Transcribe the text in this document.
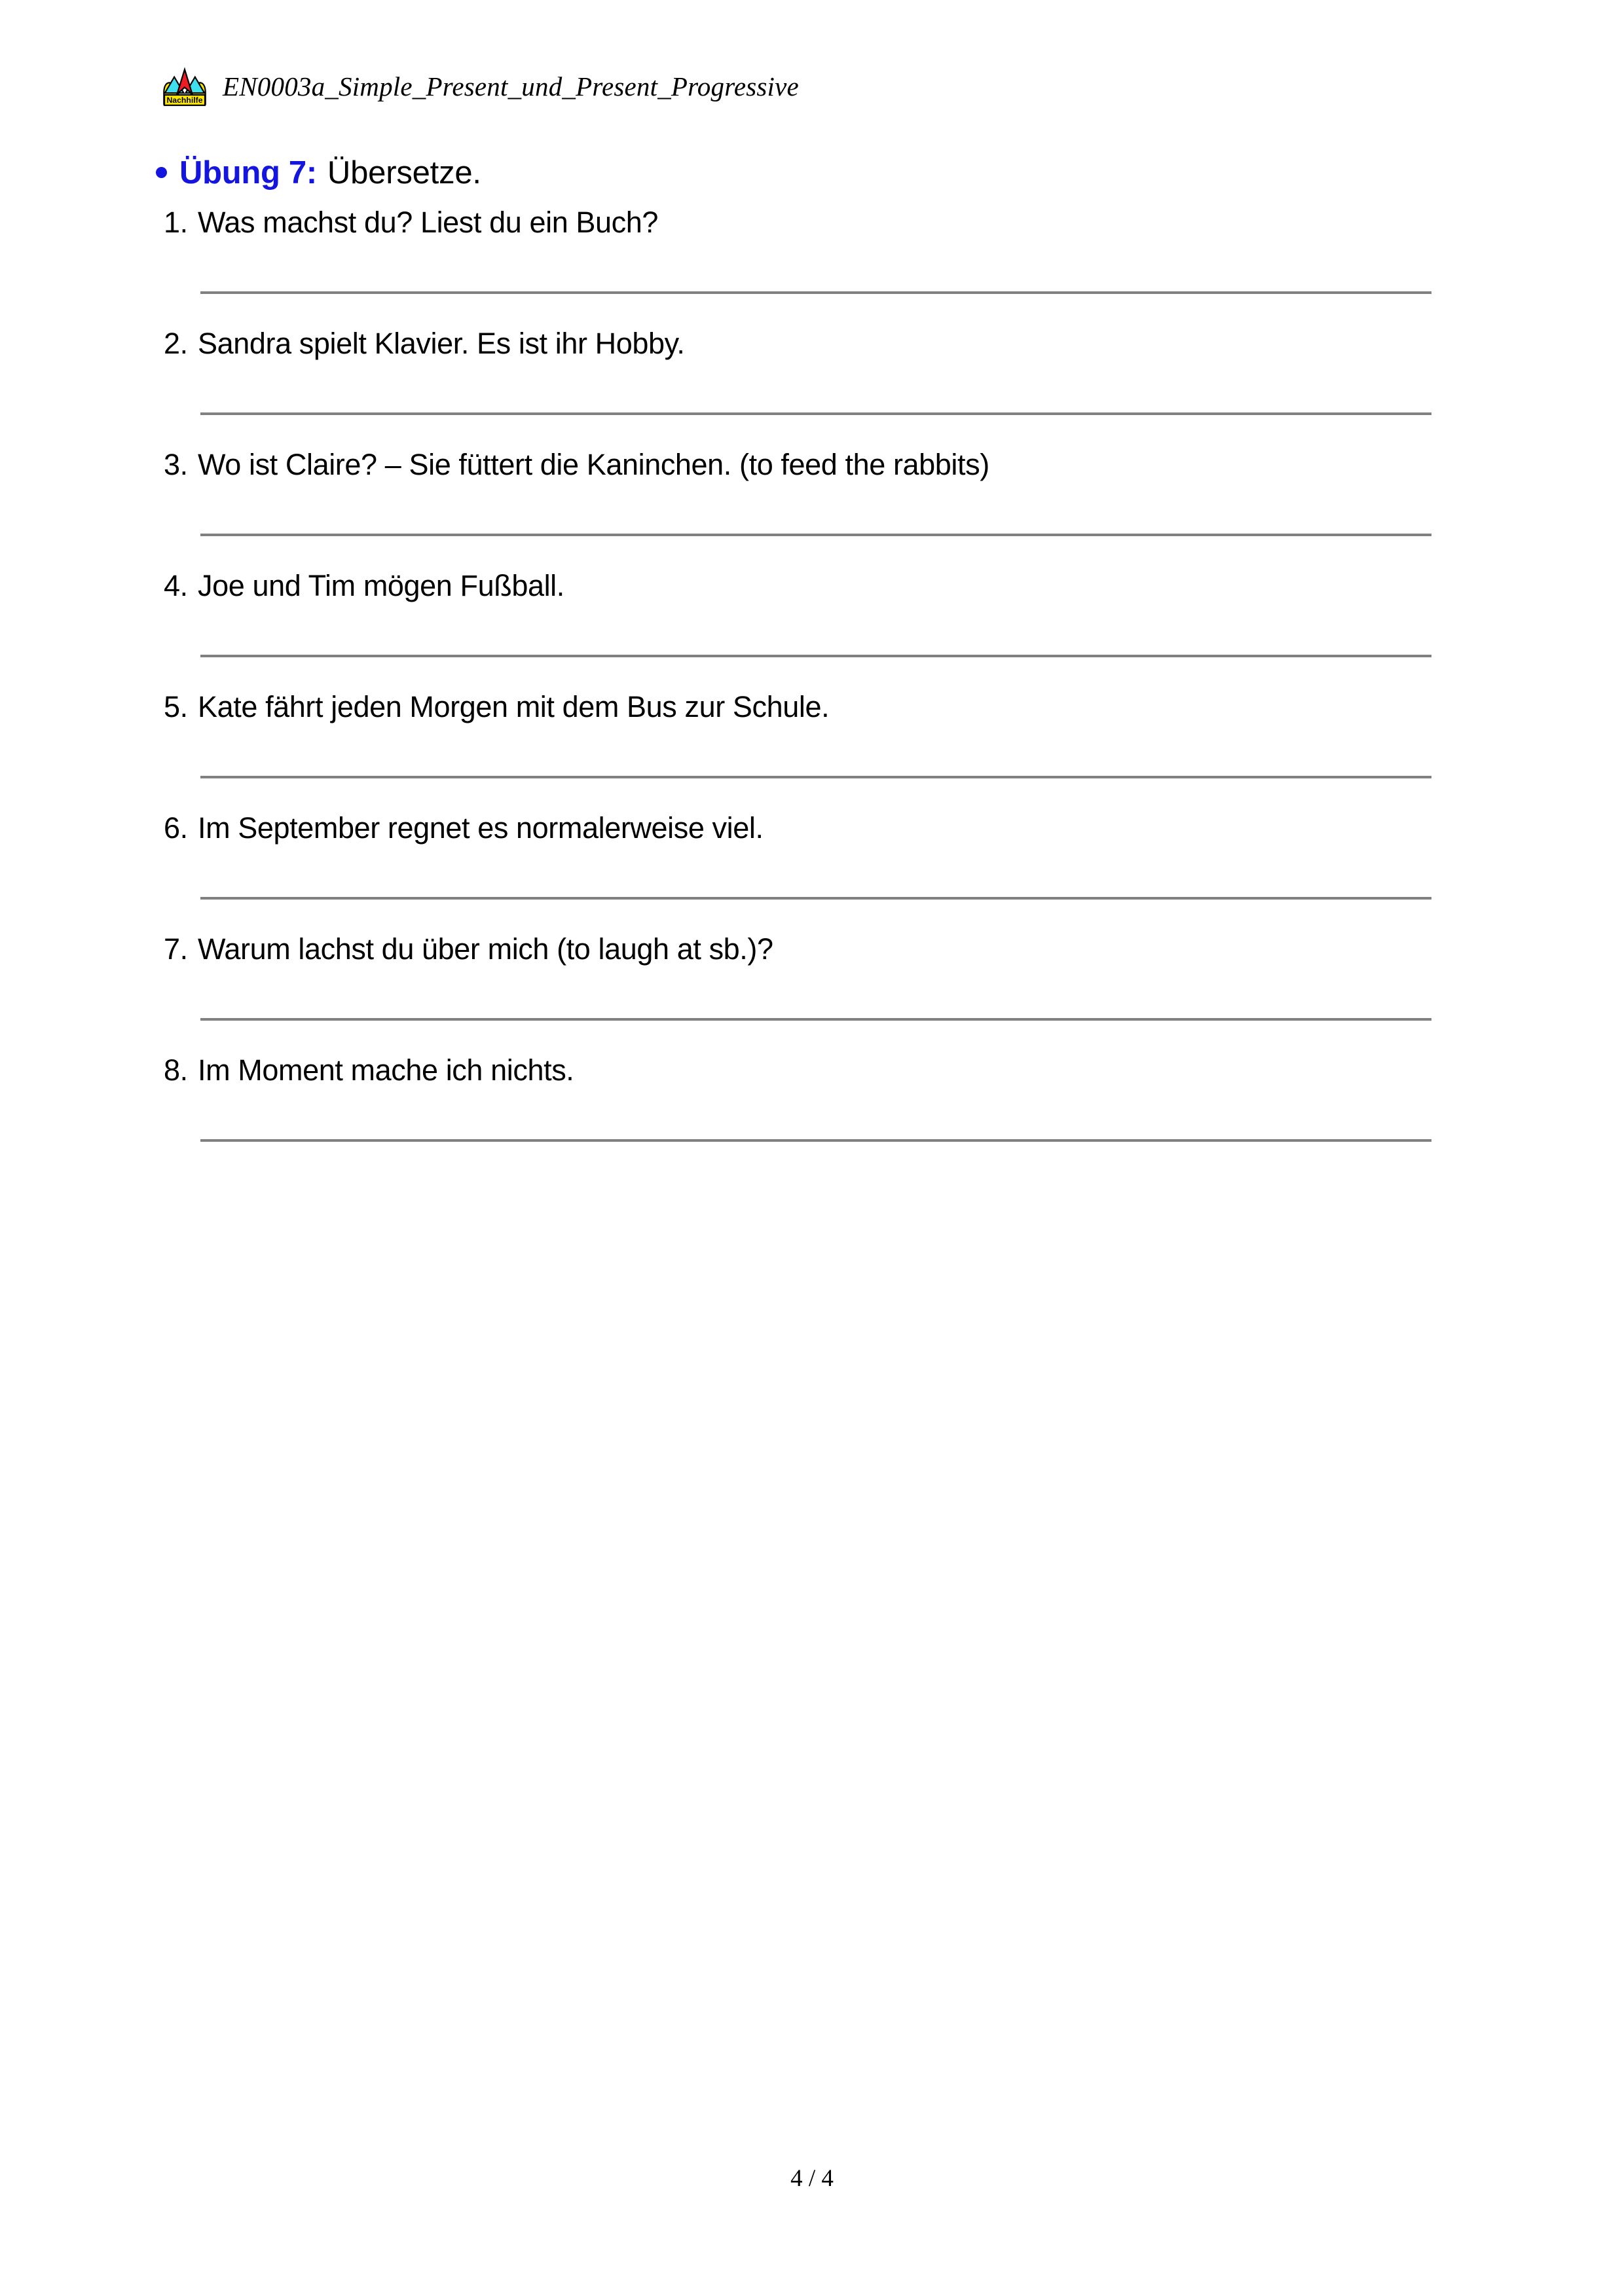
Nachhilfe EN0003a_Simple_Present_und_Present_Progressive
Übung 7: Übersetze.
1. Was machst du? Liest du ein Buch?
2. Sandra spielt Klavier. Es ist ihr Hobby.
3. Wo ist Claire? – Sie füttert die Kaninchen. (to feed the rabbits)
4. Joe und Tim mögen Fußball.
5. Kate fährt jeden Morgen mit dem Bus zur Schule.
6. Im September regnet es normalerweise viel.
7. Warum lachst du über mich (to laugh at sb.)?
8. Im Moment mache ich nichts.
4 / 4
